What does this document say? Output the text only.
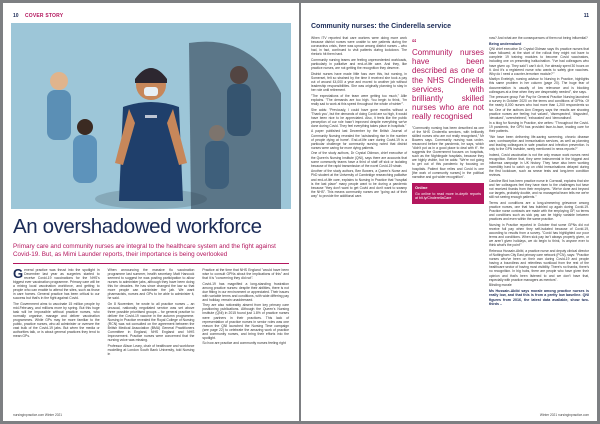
10 COVER STORY
An overshadowed workforce
Primary care and community nurses are integral to the healthcare system and the fight against Covid-19. But, as Mimi Launder reports, their importance is being overlooked

General practice was thrust into the spotlight in December last year as surgeries started to receive Covid-19 vaccinations for the NHS's biggest ever vaccination programme. Primary care will be a mixing local vaccination workforce, and getting to people who can enable to attend the sites, such as those in care homes. General practice has been critical to our success but that's in the fight against Covid.

The Government aims to vaccinate 15 million people by mid-February, and millions more by spring. But this huge task will be impossible without practice nurses, who normally organise, manage and deliver vaccination programmes. While GPs may be more familiar to the public, practice nurses, who all administer or oversee the vast bulk of the Covid-19 jabs. But when the media or authorities talk, or is about general practices they tend to mean GPs.

When announcing the massive flu vaccination programme last summer, health secretary Matt Hancock seemed to suggest he was posting participation to allow nurses to administer jabs, although they have been doing this for decades. He has since changed the law so that more people can administer the jab. We want pharmacists, nurses and GPs to be able to administer it, he said.

On 8 November, he wrote to all practice nurses – an unusual, nationally negotiated service was set above three possible prioritised groups – for general practice to deliver the Covid-19 vaccine in the autumn programme. Nursing in Practice revealed the Royal College of Nursing (RCN) was not consulted on the agreement between the British Medical Association (BMA) General Practitioners Committee in England, NHS England and NHS Improvement. Practice nurses were concerned that the nursing voice was missing.

Professor Alison Leary, chair of healthcare and workforce modelling at London South Bank University, told Nursing in

Practice at the time that NHS England "would have been wise to consult GPNs about the implications of this" and that it is "concerning they did not".

Covid-19 has magnified a long-standing frustration among practice nurses: despite their abilities, there is not due fitting in our environment or appreciated. Their issues with variable terms and conditions, with wide differing pay and holiday, remain unaddressed.

They are also noticeably absent from key primary care positioning publications. Although the Queen's Nursing Institute (QNI) in 2015 found just 1.8% of practice nurses were partners in their practices. This lack of representation of practice nurses in senior roles was one reason the QNI launched the Nursing Time campaign (see page 22) to celebrate the amazing work of practice and community nurses, and bring their efforts into the spotlight.

So how are practice and community nurses feeling right

nursinginpractice.com Winter 2021
11
Community nurses: the Cinderella service

When ITV reported that care workers were doing more work because district nurses were unable to see patients during the coronavirus crisis, there was uproar among district nurses – who had, in fact, continued to visit patients during lockdown. The rhetoric hit them hard.

Community nursing teams are feeling unprecedented workloads, particularly in palliative and end-of-life care. And they, like practice nurses, are not getting the recognition they deserve.

District nurses have made little fuss over this, but nursing, in Somerset, felt so strained by the time it received she took a pay cut of around £4,000 a year and moved to another job without leadership responsibilities. She was originally planning to stay in her role until retirement.

"The expectations of the team were getting too much," Allie explains. "The demands are too high. You begin to think, 'I'm really sad to work at this speed throughout the whole of winter'".

She adds: "Previously, I could have gone months without a 'Thank you', but the demands of doing Covid are so high, it would have been nice to be appreciated. Also, it feels like the public perception of our role hasn't improved despite everything we've done during Covid. They feel everything takes place in hospitals."

A paper published last December by the British Journal of Community Nursing revealed the 'outstanding rise in the number of people dying at home'. End-of-life care during Covid-19 is a particular challenge for community nursing noted that district nurses were caring for more dying patients.

One of the study authors, Dr Crystal Oldman, chief executive of the Queen's Nursing Institute (QNI), says there are accounts that some community teams have a third of staff off sick or isolating because of the rapid transmission of the novel Covid-19 strain.

Another of the study authors, Ben Bowers, a Queen's Nurse and PhD student at the University of Cambridge researching palliative and end-of-life care, explains to Nursing in Practice that "hospital is the last place" many people want to be during a pandemic because "they don't want to get Covid and don't want to swamp the NHS". This means community nurses are "going out of their way" to provide the additional care.

“
Community nurses have been described as one of the NHS Cinderella services, with brilliantly skilled nurses who are not really recognised

"Community nursing has been described as one of the NHS Cinderella services, with brilliantly skilled nurses who are not really recognised," Mr Bowers says. Community nursing was under-resourced before the pandemic, he says, which "didn't put us in a good place to deal with it". He suggests the Government focuses on hospitals, such as the Nightingale hospitals, because they are highly visible, but he adds: "We're not going to get out of this pandemic by focusing on hospitals. Patient flow relies and Covid is one [the work of community nurses] in the political narrative and got wider recognition".

Online
Go online to read more in-depth reports at bit.ly/CinderellaCare

now? And what are the consequences of them not being influential?

Being undervalued

QNI chief executive Dr Crystal Oldman says it's practice nurses that have followed; at the start of the rollout they might not have to complete 19 training modules to become Covid vaccinators, including one on presenting hallucination. "I've had colleagues who have given up. They said 'I can't do it, I've already spent 30 hours on it. And it's a registered nurse who wants to safely give vaccines. Why do I need a counter-terrorism module?'"

Marilyn Eveleigh, nursing advisor to Nursing in Practice, highlights this same problem in her column (page 20). The huge fear of documentation is usually of low relevance and is blocking colleagues at a time when they are desperately needed", she says.

The pressure group Fair Pay for General Practice Nursing launched a survey in October 2020 on the terms and conditions of GPNs. Of the nearly 8,000 nurses who had more than 1,200 respondents so far. One of the authors Ann Gregory says the results are showing practice nurses are feeling 'not valued', 'disrespected', 'disgusted', 'devalued', 'overwhelmed', 'exhausted' and 'demoralised'.

In a blog for Nursing in Practice, she writes: "Throughout the Covid-19 pandemic, the GPN has provided face-to-face, leading care for their patients.

"We have been delivering life-saving screening, chronic disease care, contraception and immunisation services, as well as planning and leading colleagues in safe practice and infection prevention. Is only to the GPN invisible, rarely mentioned in news reports?"

Indeed, Covid vaccination is not the only reason work nurses need recognition. Before that, they were instrumental in the biggest and influenza campaign in UK history. They have also been working incredibly hard to catch up on child immunisations delayed during the first lockdown, such as smear tests and long-term condition reviews.

Caroline Bird has been practice nurse in Cornwall, explains that she and her colleagues feel they have risen to the challenges but have not received thanks from their employers. "We've done and beyond our targets, probably double, and no managerial team tells me we're still not seeing enough patients."

Terms and conditions are a long-simmering grievance among practice nurses, one that has bubbled up again during Covid-19. Practice nurse contracts are made with the employing GP, so terms and conditions such as sick pay can be highly variable between practices and even within the same practice.

Nursing in Practice reported in October that some GPNs did not receive full pay when they self-isolated because of Covid-19, according to results from a survey. "Covid has highlighted our poor terms and conditions. When sick pay isn't always properly given, or we aren't given holidays, we do begin to think, 'is anyone ever to think what's the point'"

Rebecca Hussain-Abibi, a practice nurse and deputy clinical director of Nottingham City East primary care network (PCN), says: "Practice nurses who've been on their own during Covid-19 and people having a boundless and relentless workload from the rest of the healthcare sector of having most visibility. There's no thanks, there's no recognition. In big hubs, there are people who have given their opinion and that's been listened to and we don't have that, especially with practice managers as mentors".

Blinding morale

Ms Hussain-Abibi says morale among practice nurses is really low, and that this is from a pretty low baseline. QNI figures from 2016, the latest data available, show two-thirds –

Winter 2021 nursinginpractice.com
